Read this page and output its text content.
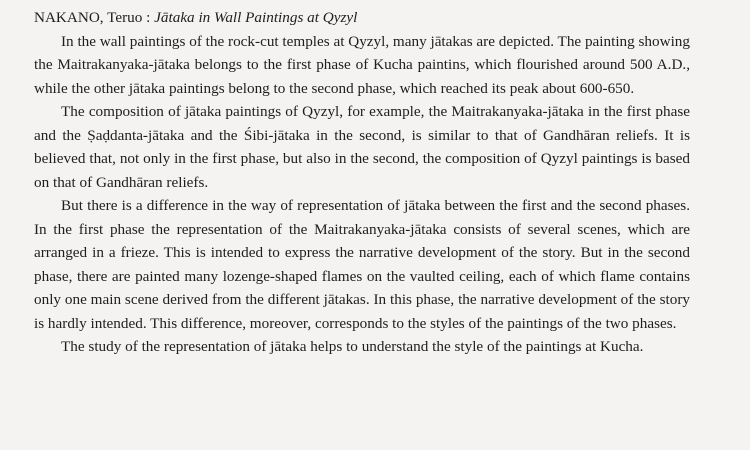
NAKANO, Teruo : Jātaka in Wall Paintings at Qyzyl

In the wall paintings of the rock-cut temples at Qyzyl, many jātakas are depicted. The painting showing the Maitrakanyaka-jātaka belongs to the first phase of Kucha paintins, which flourished around 500 A.D., while the other jātaka paintings belong to the second phase, which reached its peak about 600-650.

The composition of jātaka paintings of Qyzyl, for example, the Maitrakanyaka-jātaka in the first phase and the Ṣaḍdanta-jātaka and the Śibi-jātaka in the second, is similar to that of Gandhāran reliefs. It is believed that, not only in the first phase, but also in the second, the composition of Qyzyl paintings is based on that of Gandhāran reliefs.

But there is a difference in the way of representation of jātaka between the first and the second phases. In the first phase the representation of the Maitrakanyaka-jātaka consists of several scenes, which are arranged in a frieze. This is intended to express the narrative development of the story. But in the second phase, there are painted many lozenge-shaped flames on the vaulted ceiling, each of which flame contains only one main scene derived from the different jātakas. In this phase, the narrative development of the story is hardly intended. This difference, moreover, corresponds to the styles of the paintings of the two phases.

The study of the representation of jātaka helps to understand the style of the paintings at Kucha.
